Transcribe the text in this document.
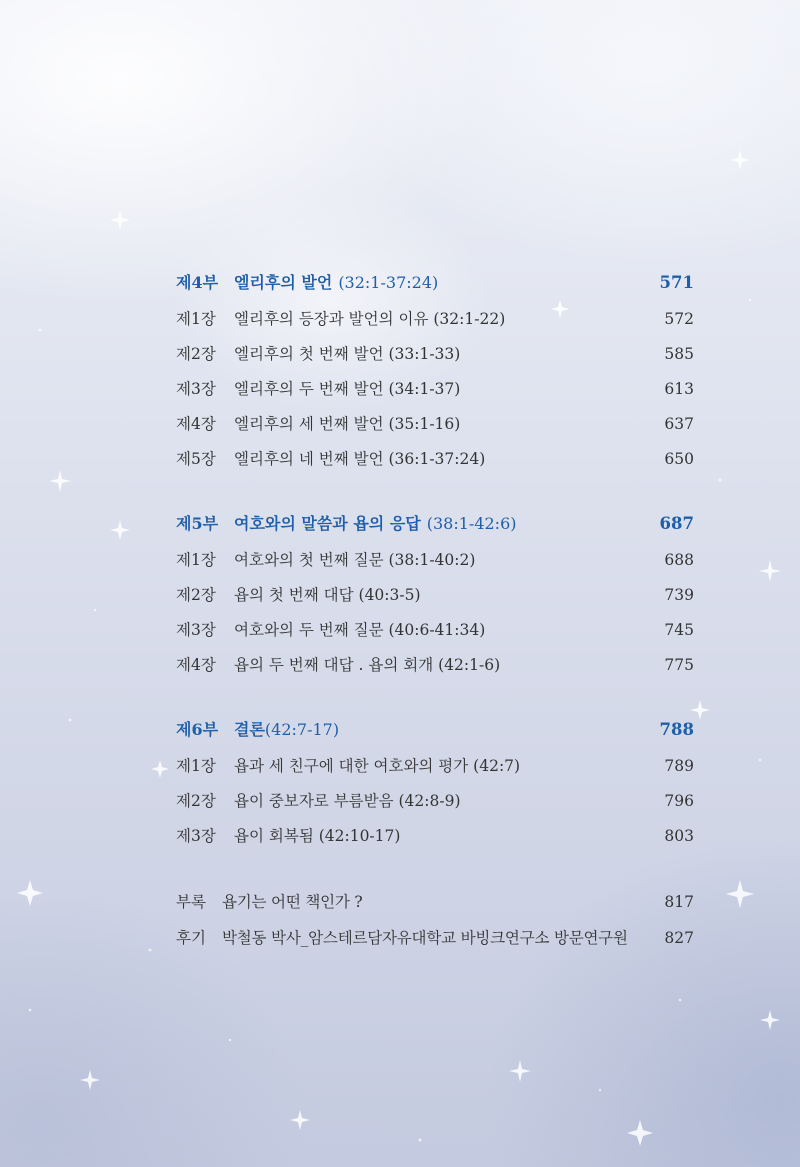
제4부 엘리후의 발언 (32:1-37:24)	571
제1장	엘리후의 등장과 발언의 이유 (32:1-22)	572
제2장	엘리후의 첫 번째 발언 (33:1-33)	585
제3장	엘리후의 두 번째 발언 (34:1-37)	613
제4장	엘리후의 세 번째 발언 (35:1-16)	637
제5장	엘리후의 네 번째 발언 (36:1-37:24)	650
제5부 여호와의 말씀과 욥의 응답 (38:1-42:6)	687
제1장	여호와의 첫 번째 질문 (38:1-40:2)	688
제2장	욥의 첫 번째 대답 (40:3-5)	739
제3장	여호와의 두 번째 질문 (40:6-41:34)	745
제4장	욥의 두 번째 대답 . 욥의 회개 (42:1-6)	775
제6부 결론(42:7-17)	788
제1장	욥과 세 친구에 대한 여호와의 평가 (42:7)	789
제2장	욥이 중보자로 부름받음 (42:8-9)	796
제3장	욥이 회복됨 (42:10-17)	803
부록	욥기는 어떤 책인가 ?	817
후기	박철동 박사_암스테르담자유대학교 바빙크연구소 방문연구원	827
